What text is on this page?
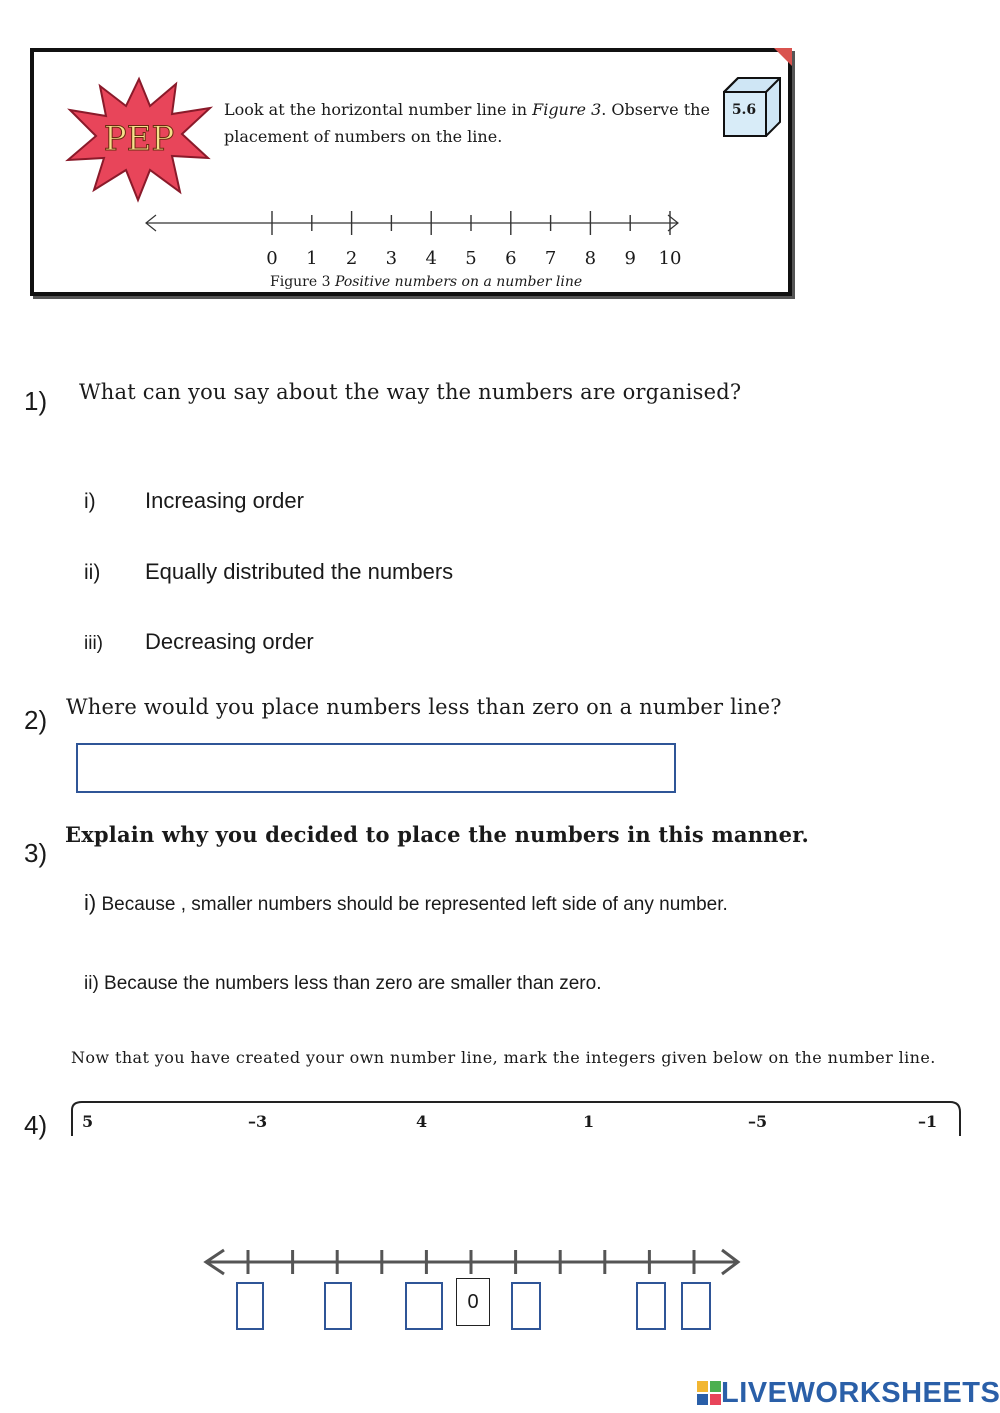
PEP
Look at the horizontal number line in Figure 3. Observe the placement of numbers on the line.
5.6
0	1	2	3	4	5	6	7	8	9	10
Figure 3 Positive numbers on a number line
1) What can you say about the way the numbers are organised?
i) Increasing order
ii) Equally distributed the numbers
iii) Decreasing order
2) Where would you place numbers less than zero on a number line?
3)
Explain why you decided to place the numbers in this manner.
i) Because , smaller numbers should be represented left side of any number.
ii) Because the numbers less than zero are smaller than zero.
Now that you have created your own number line, mark the integers given below on the number line.
4) 5	–3	4	1	–5	–1
0
LIVEWORKSHEETS
